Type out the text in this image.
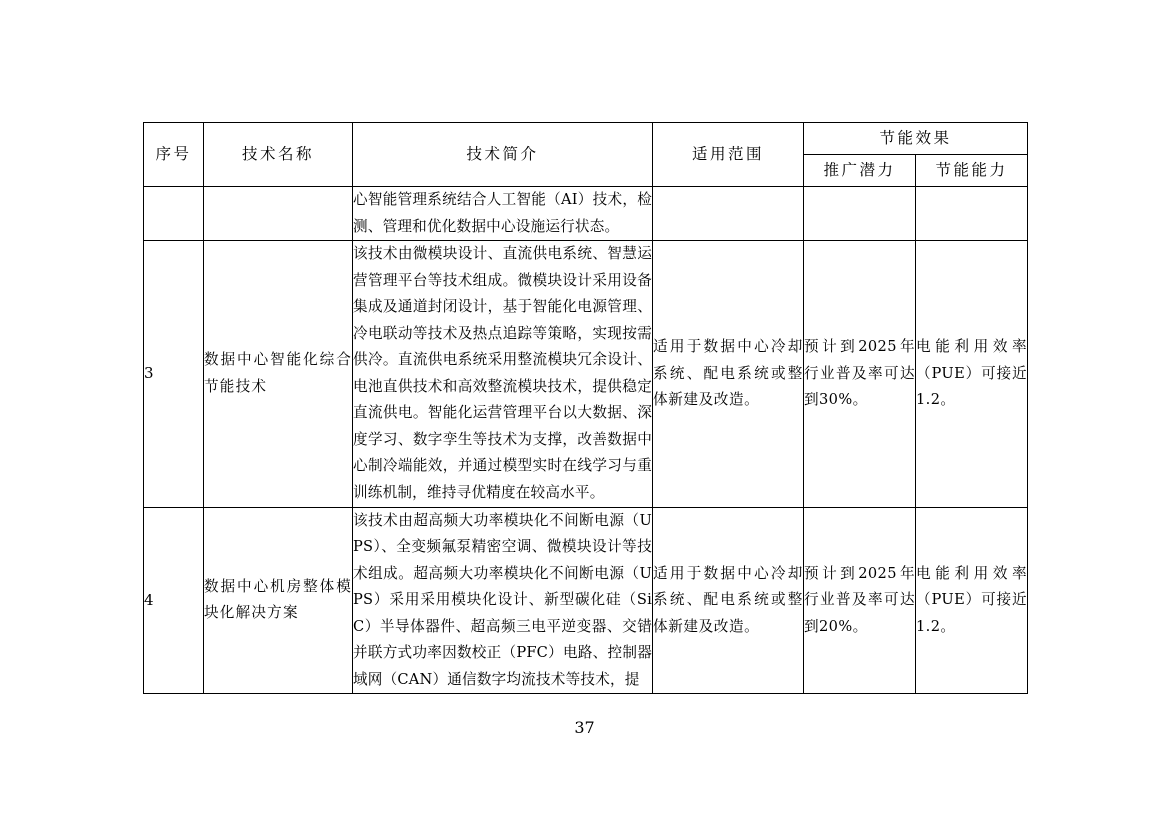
序号	技术名称	技术简介	适用范围	节能效果	
				推广潜力	节能能力
		心智能管理系统结合人工智能（AI）技术，检测、管理和优化数据中心设施运行状态。			
3	数据中心智能化综合节能技术	该技术由微模块设计、直流供电系统、智慧运营管理平台等技术组成。微模块设计采用设备集成及通道封闭设计，基于智能化电源管理、冷电联动等技术及热点追踪等策略，实现按需供冷。直流供电系统采用整流模块冗余设计、电池直供技术和高效整流模块技术，提供稳定直流供电。智能化运营管理平台以大数据、深度学习、数字孪生等技术为支撑，改善数据中心制冷端能效，并通过模型实时在线学习与重训练机制，维持寻优精度在较高水平。	适用于数据中心冷却系统、配电系统或整体新建及改造。	预计到2025年行业普及率可达到30%。	电能利用效率（PUE）可接近1.2。
4	数据中心机房整体模块化解决方案	该技术由超高频大功率模块化不间断电源（UPS）、全变频氟泵精密空调、微模块设计等技术组成。超高频大功率模块化不间断电源（UPS）采用采用模块化设计、新型碳化硅（SiC）半导体器件、超高频三电平逆变器、交错并联方式功率因数校正（PFC）电路、控制器域网（CAN）通信数字均流技术等技术，提	适用于数据中心冷却系统、配电系统或整体新建及改造。	预计到2025年行业普及率可达到20%。	电能利用效率（PUE）可接近1.2。
37
